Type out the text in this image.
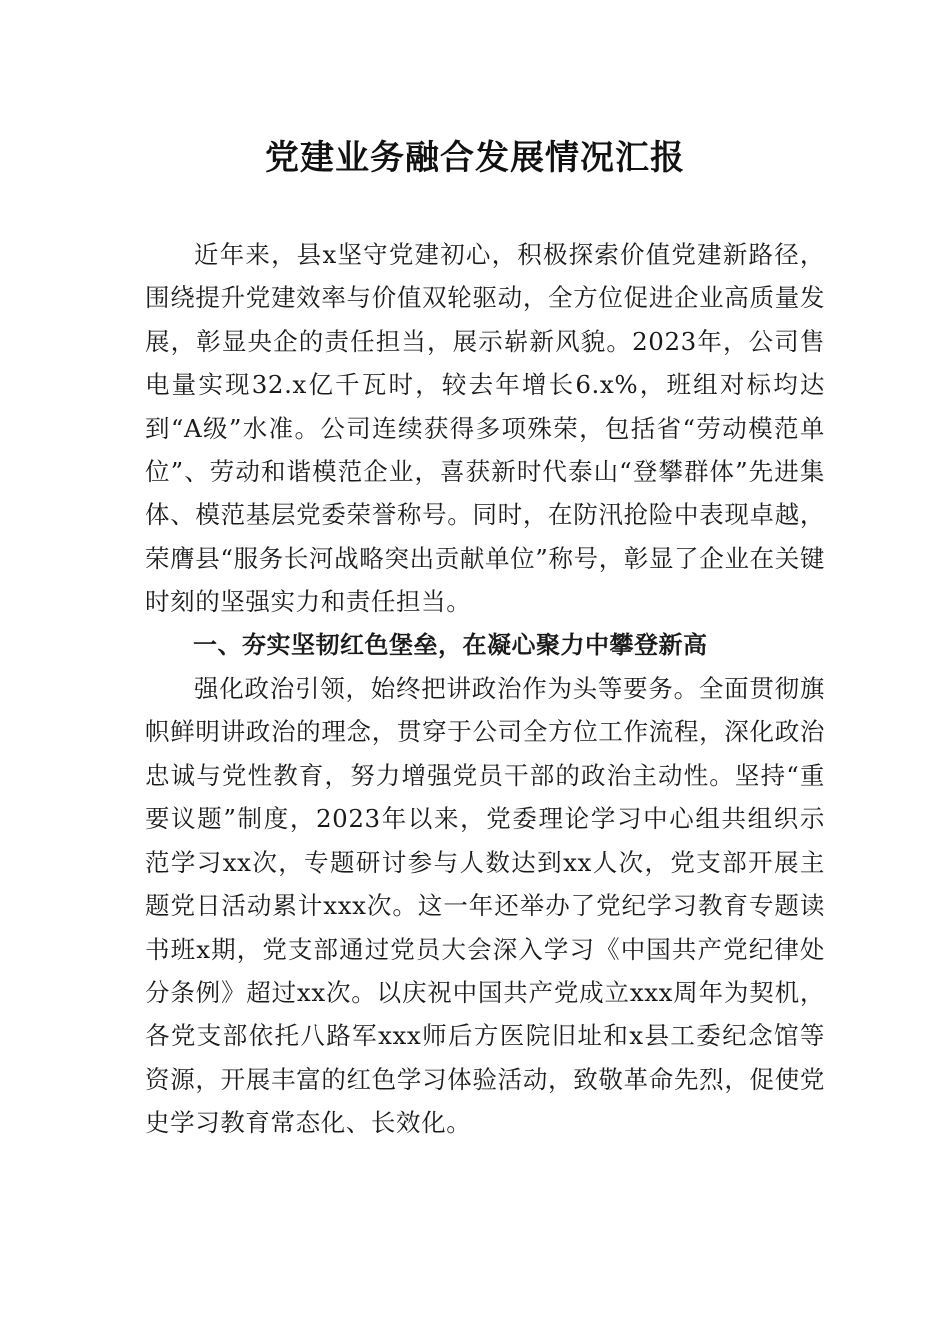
党建业务融合发展情况汇报

近年来，县x坚守党建初心，积极探索价值党建新路径，围绕提升党建效率与价值双轮驱动，全方位促进企业高质量发展，彰显央企的责任担当，展示崭新风貌。2023年，公司售电量实现32.x亿千瓦时，较去年增长6.x%，班组对标均达到“A级”水准。公司连续获得多项殊荣，包括省“劳动模范单位”、劳动和谐模范企业，喜获新时代泰山“登攀群体”先进集体、模范基层党委荣誉称号。同时，在防汛抢险中表现卓越，荣膺县“服务长河战略突出贡献单位”称号，彰显了企业在关键时刻的坚强实力和责任担当。

一、夯实坚韧红色堡垒，在凝心聚力中攀登新高

强化政治引领，始终把讲政治作为头等要务。全面贯彻旗帜鲜明讲政治的理念，贯穿于公司全方位工作流程，深化政治忠诚与党性教育，努力增强党员干部的政治主动性。坚持“重要议题”制度，2023年以来，党委理论学习中心组共组织示范学习xx次，专题研讨参与人数达到xx人次，党支部开展主题党日活动累计xxx次。这一年还举办了党纪学习教育专题读书班x期，党支部通过党员大会深入学习《中国共产党纪律处分条例》超过xx次。以庆祝中国共产党成立xxx周年为契机，各党支部依托八路军xxx师后方医院旧址和x县工委纪念馆等资源，开展丰富的红色学习体验活动，致敬革命先烈，促使党史学习教育常态化、长效化。
